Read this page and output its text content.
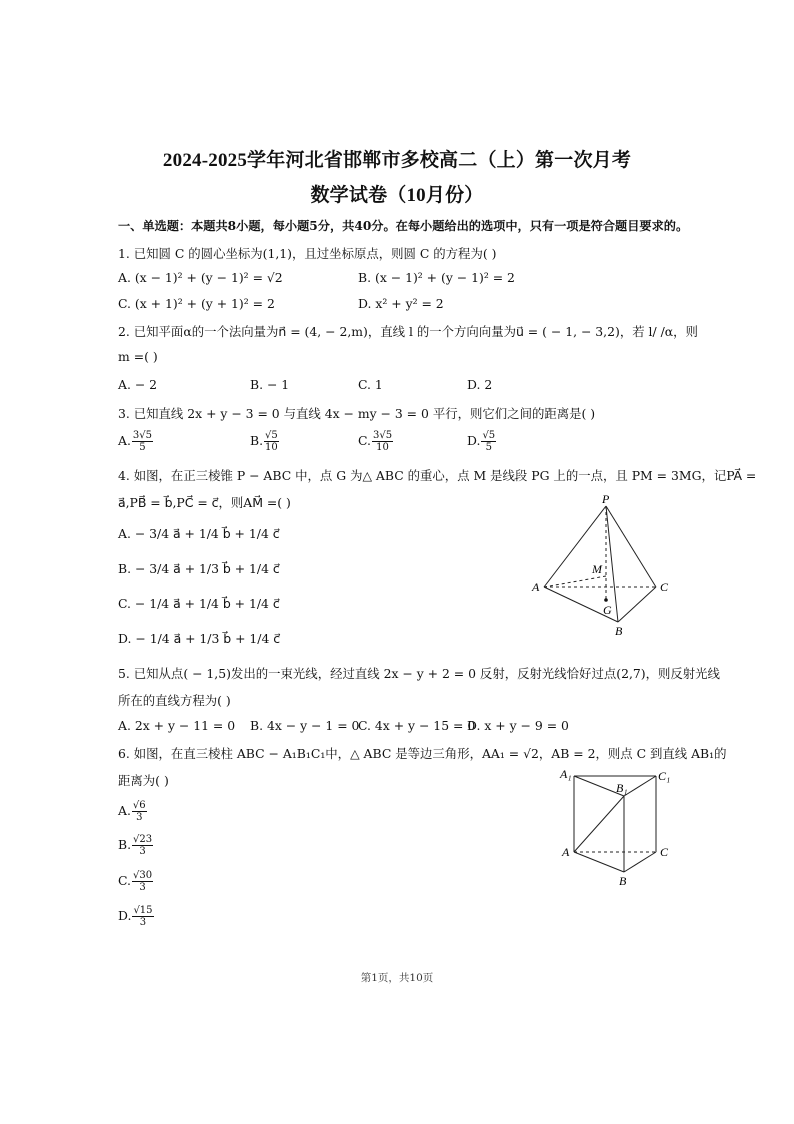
2024-2025学年河北省邯郸市多校高二（上）第一次月考
数学试卷（10月份）
一、单选题：本题共8小题，每小题5分，共40分。在每小题给出的选项中，只有一项是符合题目要求的。
1. 已知圆 C 的圆心坐标为(1,1)，且过坐标原点，则圆 C 的方程为( )
A. (x − 1)² + (y − 1)² = √2	B. (x − 1)² + (y − 1)² = 2
C. (x + 1)² + (y + 1)² = 2	D. x² + y² = 2
2. 已知平面α的一个法向量为n⃗ = (4, − 2,m)，直线 l 的一个方向向量为u⃗ = ( − 1, − 3,2)，若 l/ /α，则
m =( )
A. − 2	B. − 1	C. 1	D. 2
3. 已知直线 2x + y − 3 = 0 与直线 4x − my − 3 = 0 平行，则它们之间的距离是( )
A. $\frac{3√5}{5}$	B. $\frac{√5}{10}$	C. $\frac{3√5}{10}$	D. $\frac{√5}{5}$
4. 如图，在正三棱锥 P − ABC 中，点 G 为△ ABC 的重心，点 M 是线段 PG 上的一点，且 PM = 3MG，记PA⃗ =
a⃗,PB⃗ = b⃗,PC⃗ = c⃗，则AM⃗ =( )
A. − 3/4 a⃗ + 1/4 b⃗ + 1/4 c⃗
B. − 3/4 a⃗ + 1/3 b⃗ + 1/4 c⃗
C. − 1/4 a⃗ + 1/4 b⃗ + 1/4 c⃗
D. − 1/4 a⃗ + 1/3 b⃗ + 1/4 c⃗
P
A
B
C
M
G
5. 已知从点( − 1,5)发出的一束光线，经过直线 2x − y + 2 = 0 反射，反射光线恰好过点(2,7)，则反射光线
所在的直线方程为( )
A. 2x + y − 11 = 0 B. 4x − y − 1 = 0
C. 4x + y − 15 = 0
D. x + y − 9 = 0
6. 如图，在直三棱柱 ABC − A₁B₁C₁中，△ ABC 是等边三角形，AA₁ = √2，AB = 2，则点 C 到直线 AB₁的
距离为( )
A. $\frac{√6}{3}$
B. $\frac{√23}{3}$
C. $\frac{√30}{3}$
D. $\frac{√15}{3}$
A₁
B₁
C₁
A
B
C
第1页，共10页
